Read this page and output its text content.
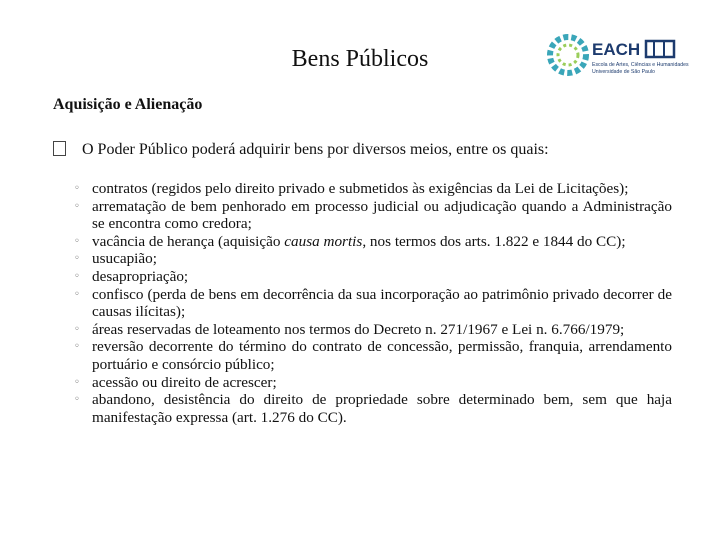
Bens Públicos	EACH
Escola de Artes, Ciências e Humanidades
Universidade de São Paulo
Aquisição e Alienação
O Poder Público poderá adquirir bens por diversos meios, entre os quais:
◦ contratos (regidos pelo direito privado e submetidos às exigências da Lei de Licitações);
◦ arrematação de bem penhorado em processo judicial ou adjudicação quando a Administração se encontra como credora;
◦ vacância de herança (aquisição causa mortis, nos termos dos arts. 1.822 e 1844 do CC);
◦ usucapião;
◦ desapropriação;
◦ confisco (perda de bens em decorrência da sua incorporação ao patrimônio privado decorrer de causas ilícitas);
◦ áreas reservadas de loteamento nos termos do Decreto n. 271/1967 e Lei n. 6.766/1979;
◦ reversão decorrente do término do contrato de concessão, permissão, franquia, arrendamento portuário e consórcio público;
◦ acessão ou direito de acrescer;
◦ abandono, desistência do direito de propriedade sobre determinado bem, sem que haja manifestação expressa (art. 1.276 do CC).
